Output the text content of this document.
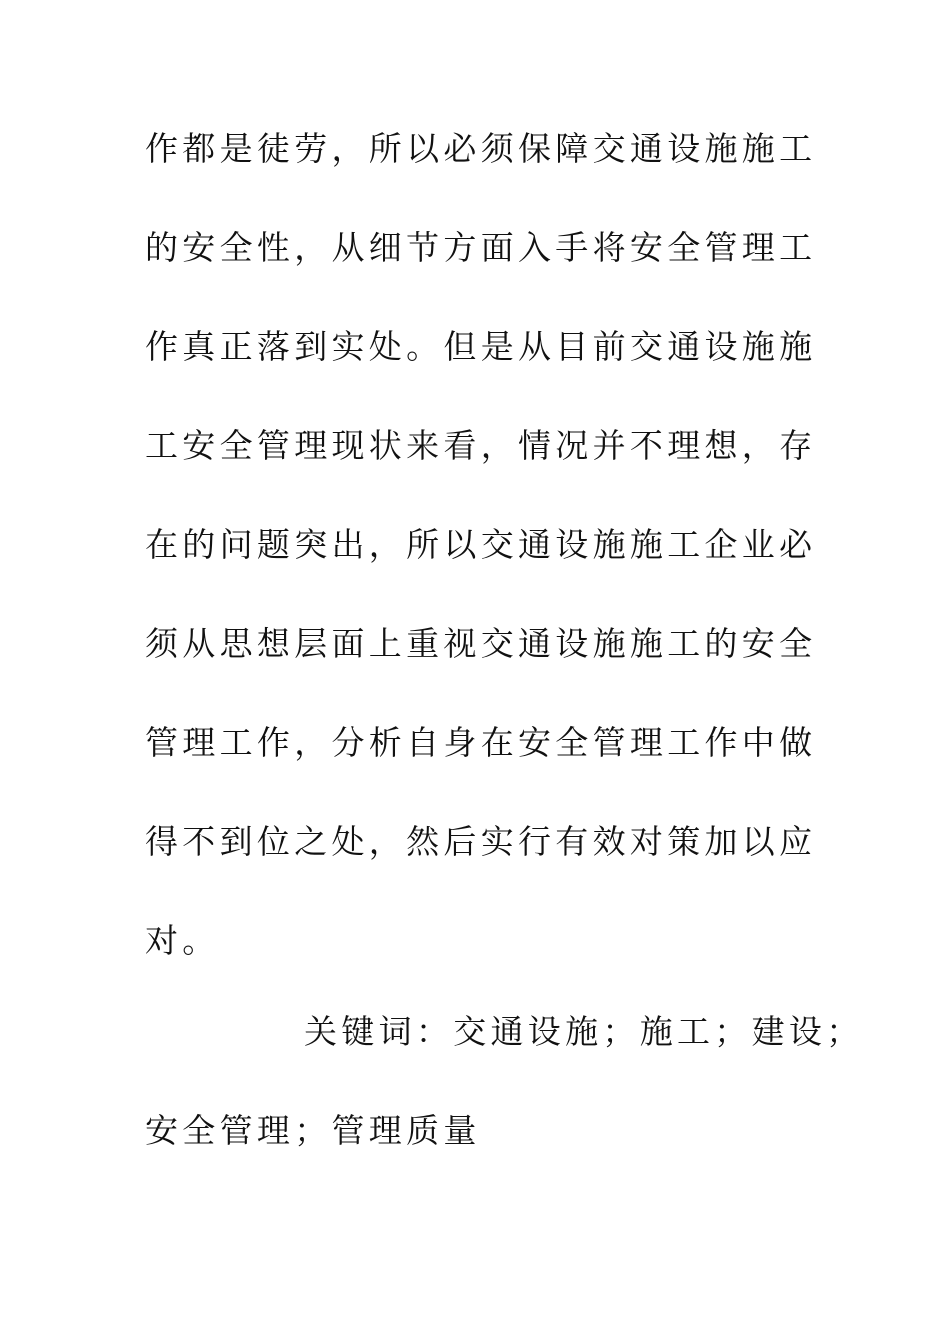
作都是徒劳，所以必须保障交通设施施工
的安全性，从细节方面入手将安全管理工
作真正落到实处。但是从目前交通设施施
工安全管理现状来看，情况并不理想，存
在的问题突出，所以交通设施施工企业必
须从思想层面上重视交通设施施工的安全
管理工作，分析自身在安全管理工作中做
得不到位之处，然后实行有效对策加以应
对。
关键词：交通设施；施工；建设；
安全管理；管理质量
